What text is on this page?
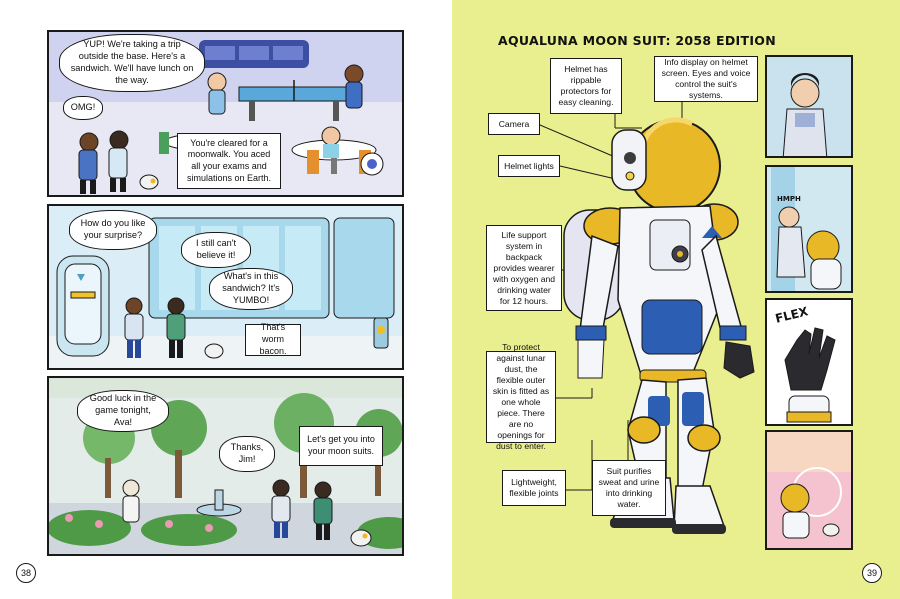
YUP! We're taking a trip outside the base. Here's a sandwich. We'll have lunch on the way.
OMG!
You're cleared for a moonwalk. You aced all your exams and simulations on Earth.
How do you like your surprise?
I still can't believe it!
What's in this sandwich? It's YUMBO!
That's worm bacon.
Good luck in the game tonight, Ava!
Thanks, Jim!
Let's get you into your moon suits.
38
AQUALUNA MOON SUIT: 2058 EDITION
Helmet has rippable protectors for easy cleaning.
Info display on helmet screen. Eyes and voice control the suit's systems.
Camera
Helmet lights
Life support system in backpack provides wearer with oxygen and drinking water for 12 hours.
To protect against lunar dust, the flexible outer skin is fitted as one whole piece. There are no openings for dust to enter.
Lightweight, flexible joints
Suit purifies sweat and urine into drinking water.
HMPH
FLEX
39
